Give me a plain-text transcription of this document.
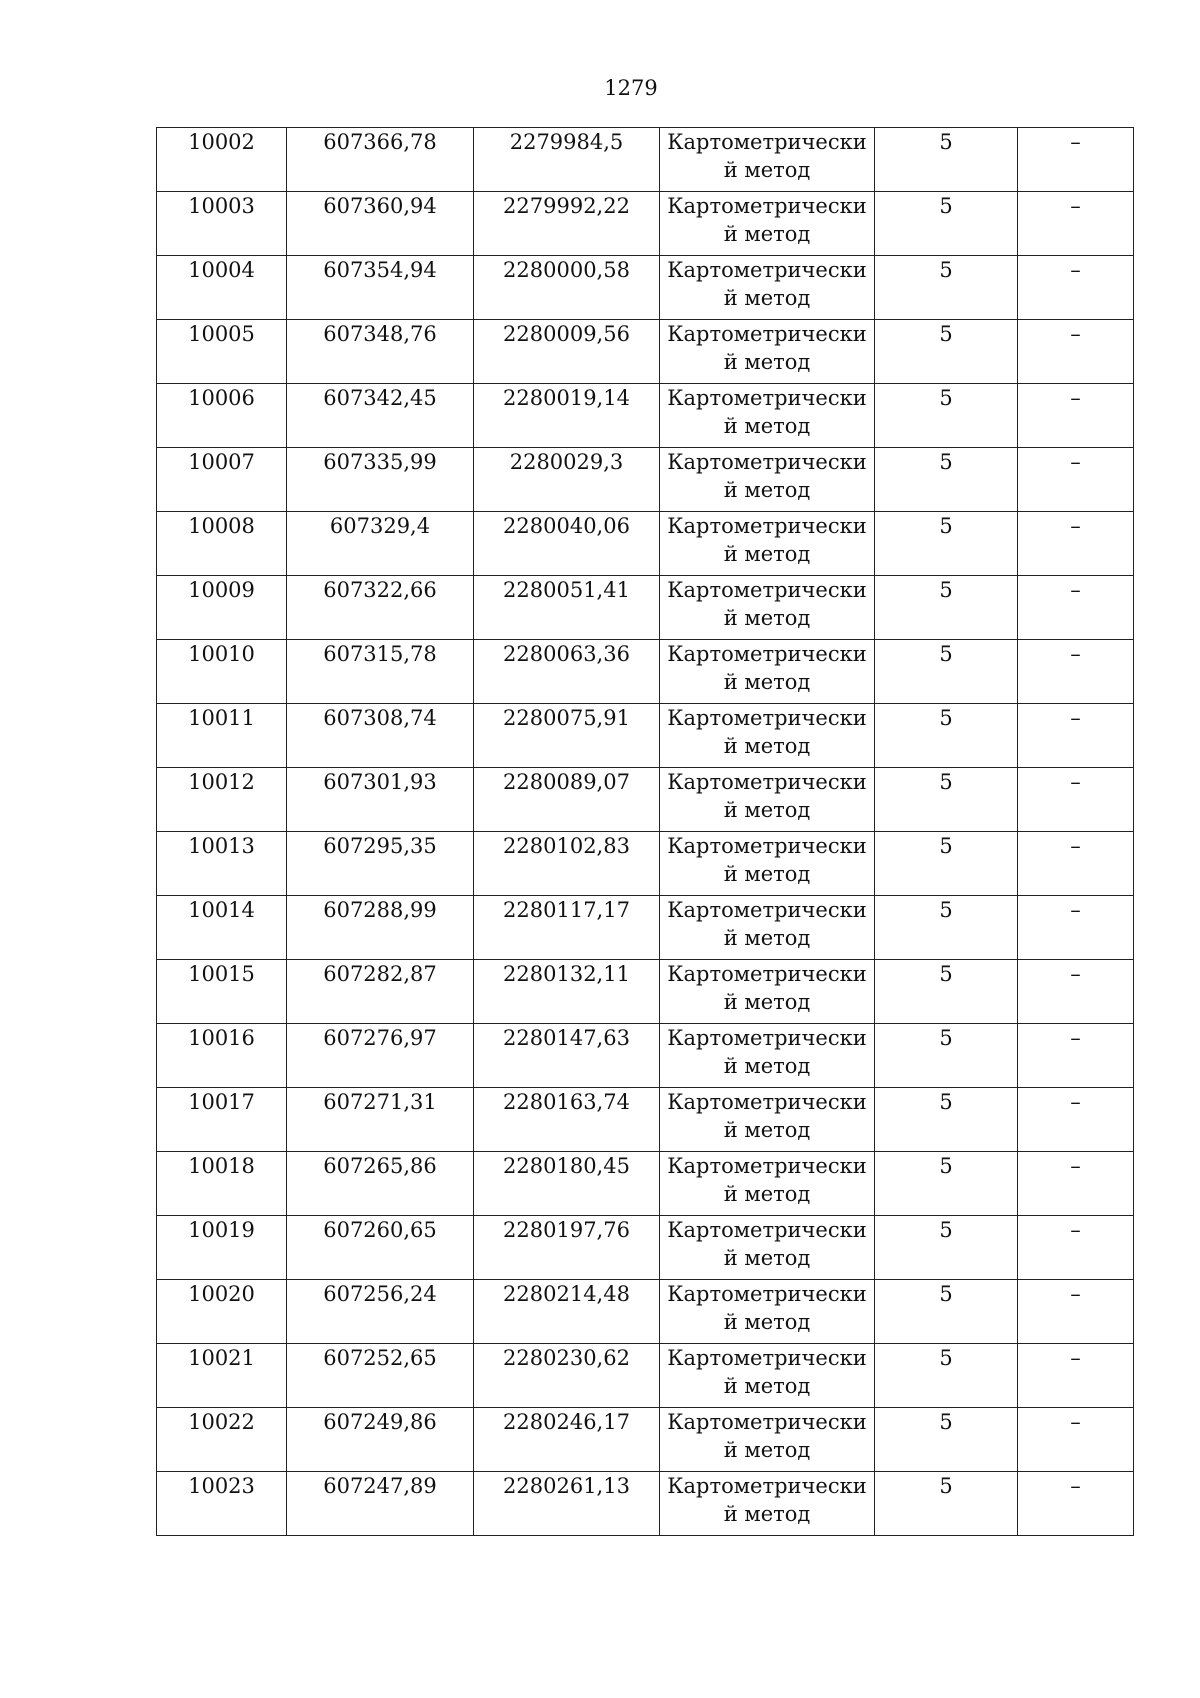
1279
10002	607366,78	2279984,5	Картометрически й метод	5	–

10003	607360,94	2279992,22	Картометрически й метод	5	–

10004	607354,94	2280000,58	Картометрически й метод	5	–

10005	607348,76	2280009,56	Картометрически й метод	5	–

10006	607342,45	2280019,14	Картометрически й метод	5	–

10007	607335,99	2280029,3	Картометрически й метод	5	–

10008	607329,4	2280040,06	Картометрически й метод	5	–

10009	607322,66	2280051,41	Картометрически й метод	5	–

10010	607315,78	2280063,36	Картометрически й метод	5	–

10011	607308,74	2280075,91	Картометрически й метод	5	–

10012	607301,93	2280089,07	Картометрически й метод	5	–

10013	607295,35	2280102,83	Картометрически й метод	5	–

10014	607288,99	2280117,17	Картометрически й метод	5	–

10015	607282,87	2280132,11	Картометрически й метод	5	–

10016	607276,97	2280147,63	Картометрически й метод	5	–

10017	607271,31	2280163,74	Картометрически й метод	5	–

10018	607265,86	2280180,45	Картометрически й метод	5	–

10019	607260,65	2280197,76	Картометрически й метод	5	–

10020	607256,24	2280214,48	Картометрически й метод	5	–

10021	607252,65	2280230,62	Картометрически й метод	5	–

10022	607249,86	2280246,17	Картометрически й метод	5	–

10023	607247,89	2280261,13	Картометрически й метод	5	–
